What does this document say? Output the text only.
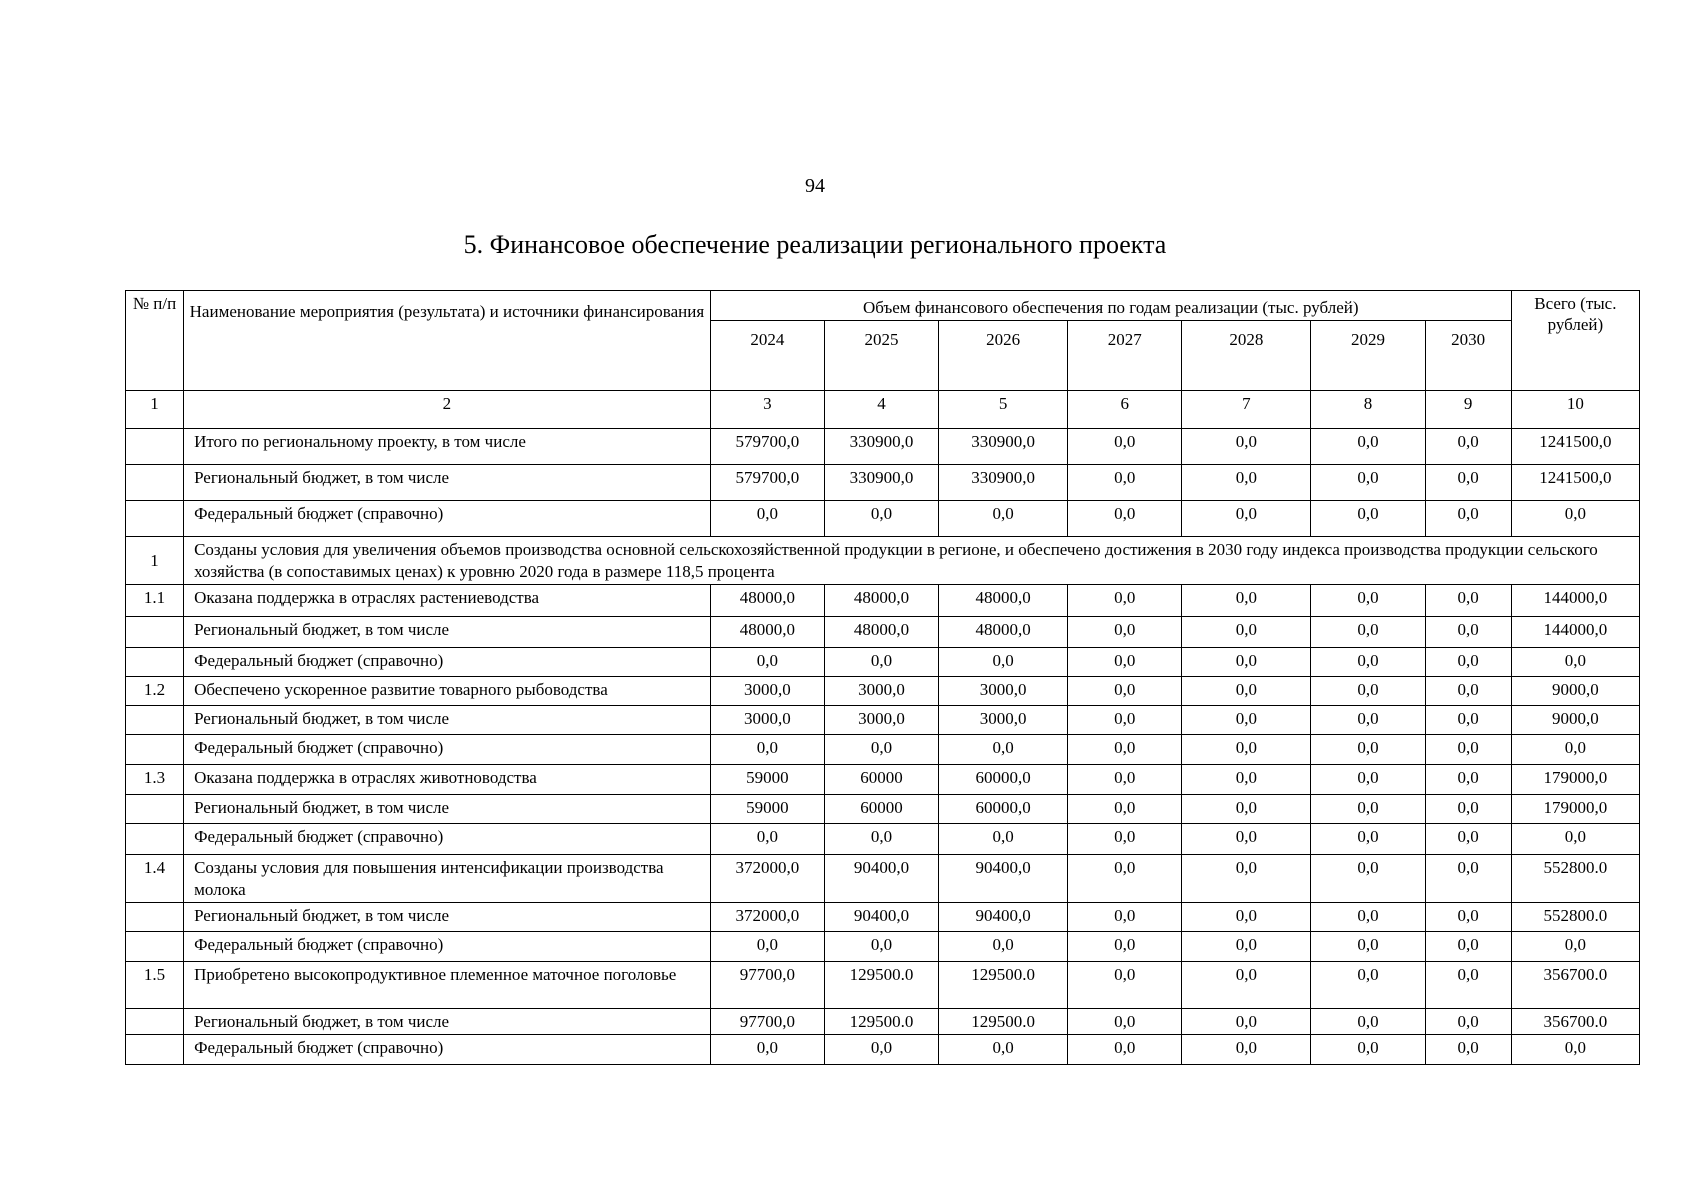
94
5. Финансовое обеспечение реализации регионального проекта
№ п/п	Наименование мероприятия (результата) и источники финансирования	Объем финансового обеспечения по годам реализации (тыс. рублей)							Всего (тыс. рублей)
		2024	2025	2026	2027	2028	2029	2030	
1	2	3	4	5	6	7	8	9	10
	Итого по региональному проекту, в том числе	579700,0	330900,0	330900,0	0,0	0,0	0,0	0,0	1241500,0
	Региональный бюджет, в том числе	579700,0	330900,0	330900,0	0,0	0,0	0,0	0,0	1241500,0
	Федеральный бюджет (справочно)	0,0	0,0	0,0	0,0	0,0	0,0	0,0	0,0
1	Созданы условия для увеличения объемов производства основной сельскохозяйственной продукции в регионе, и обеспечено достижения в 2030 году индекса производства продукции сельского хозяйства (в сопоставимых ценах) к уровню 2020 года в размере 118,5 процента								
1.1	Оказана поддержка в отраслях растениеводства	48000,0	48000,0	48000,0	0,0	0,0	0,0	0,0	144000,0
	Региональный бюджет, в том числе	48000,0	48000,0	48000,0	0,0	0,0	0,0	0,0	144000,0
	Федеральный бюджет (справочно)	0,0	0,0	0,0	0,0	0,0	0,0	0,0	0,0
1.2	Обеспечено ускоренное развитие товарного рыбоводства	3000,0	3000,0	3000,0	0,0	0,0	0,0	0,0	9000,0
	Региональный бюджет, в том числе	3000,0	3000,0	3000,0	0,0	0,0	0,0	0,0	9000,0
	Федеральный бюджет (справочно)	0,0	0,0	0,0	0,0	0,0	0,0	0,0	0,0
1.3	Оказана поддержка в отраслях животноводства	59000	60000	60000,0	0,0	0,0	0,0	0,0	179000,0
	Региональный бюджет, в том числе	59000	60000	60000,0	0,0	0,0	0,0	0,0	179000,0
	Федеральный бюджет (справочно)	0,0	0,0	0,0	0,0	0,0	0,0	0,0	0,0
1.4	Созданы условия для повышения интенсификации производства молока	372000,0	90400,0	90400,0	0,0	0,0	0,0	0,0	552800.0
	Региональный бюджет, в том числе	372000,0	90400,0	90400,0	0,0	0,0	0,0	0,0	552800.0
	Федеральный бюджет (справочно)	0,0	0,0	0,0	0,0	0,0	0,0	0,0	0,0
1.5	Приобретено высокопродуктивное племенное маточное поголовье	97700,0	129500.0	129500.0	0,0	0,0	0,0	0,0	356700.0
	Региональный бюджет, в том числе	97700,0	129500.0	129500.0	0,0	0,0	0,0	0,0	356700.0
	Федеральный бюджет (справочно)	0,0	0,0	0,0	0,0	0,0	0,0	0,0	0,0
